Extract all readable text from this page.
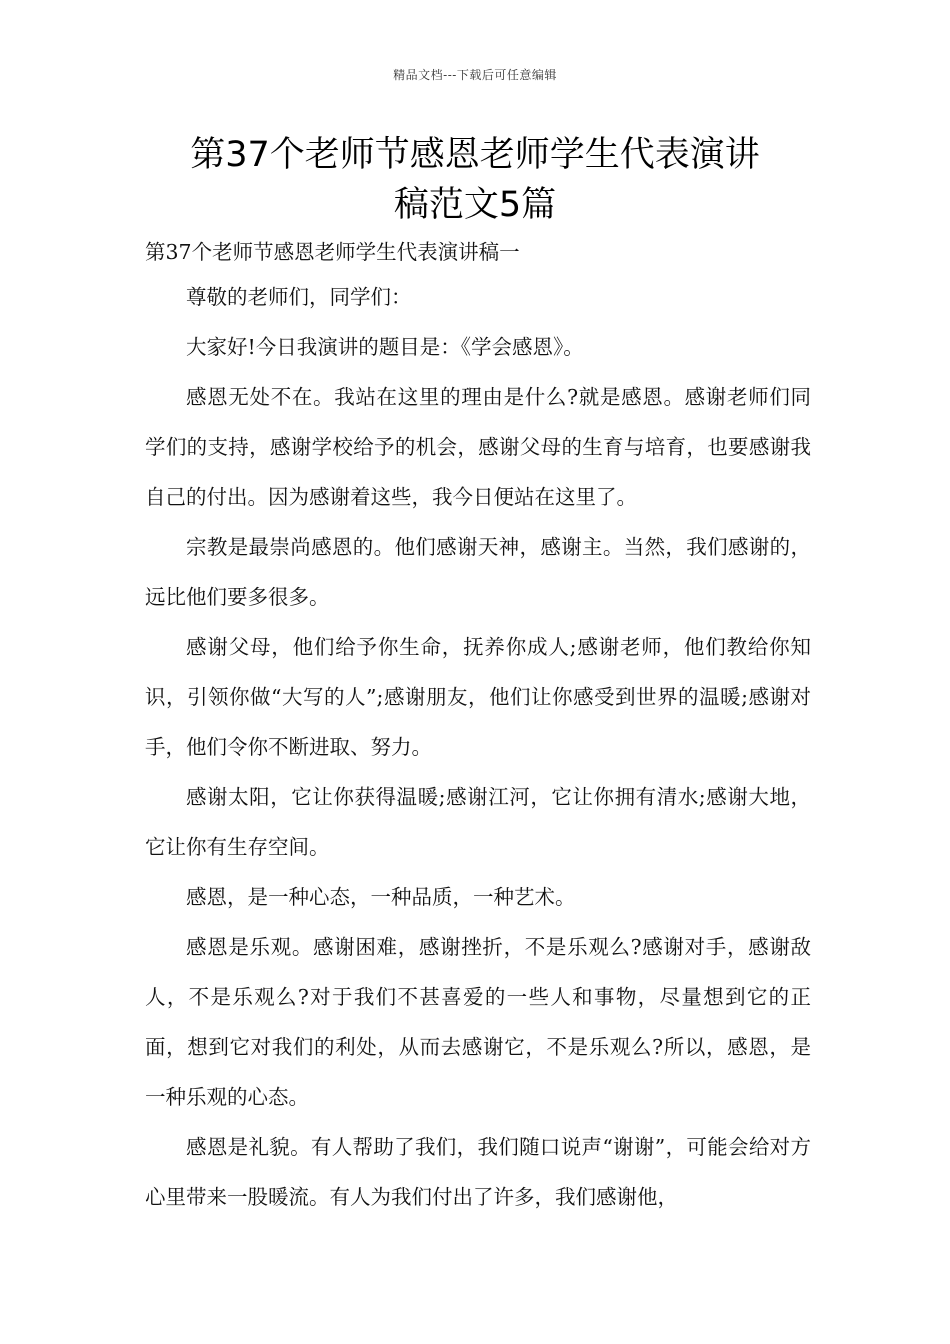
精品文档---下载后可任意编辑
第37个老师节感恩老师学生代表演讲
稿范文5篇
第37个老师节感恩老师学生代表演讲稿一

尊敬的老师们，同学们：

大家好!今日我演讲的题目是：《学会感恩》。

感恩无处不在。我站在这里的理由是什么?就是感恩。感谢老师们同学们的支持，感谢学校给予的机会，感谢父母的生育与培育，也要感谢我自己的付出。因为感谢着这些，我今日便站在这里了。

宗教是最崇尚感恩的。他们感谢天神，感谢主。当然，我们感谢的，远比他们要多很多。

感谢父母，他们给予你生命，抚养你成人;感谢老师，他们教给你知识，引领你做“大写的人”;感谢朋友，他们让你感受到世界的温暖;感谢对手，他们令你不断进取、努力。

感谢太阳，它让你获得温暖;感谢江河，它让你拥有清水;感谢大地，它让你有生存空间。

感恩，是一种心态，一种品质，一种艺术。

感恩是乐观。感谢困难，感谢挫折，不是乐观么?感谢对手，感谢敌人，不是乐观么?对于我们不甚喜爱的一些人和事物，尽量想到它的正面，想到它对我们的利处，从而去感谢它，不是乐观么?所以，感恩，是一种乐观的心态。

感恩是礼貌。有人帮助了我们，我们随口说声“谢谢”，可能会给对方心里带来一股暖流。有人为我们付出了许多，我们感谢他，
